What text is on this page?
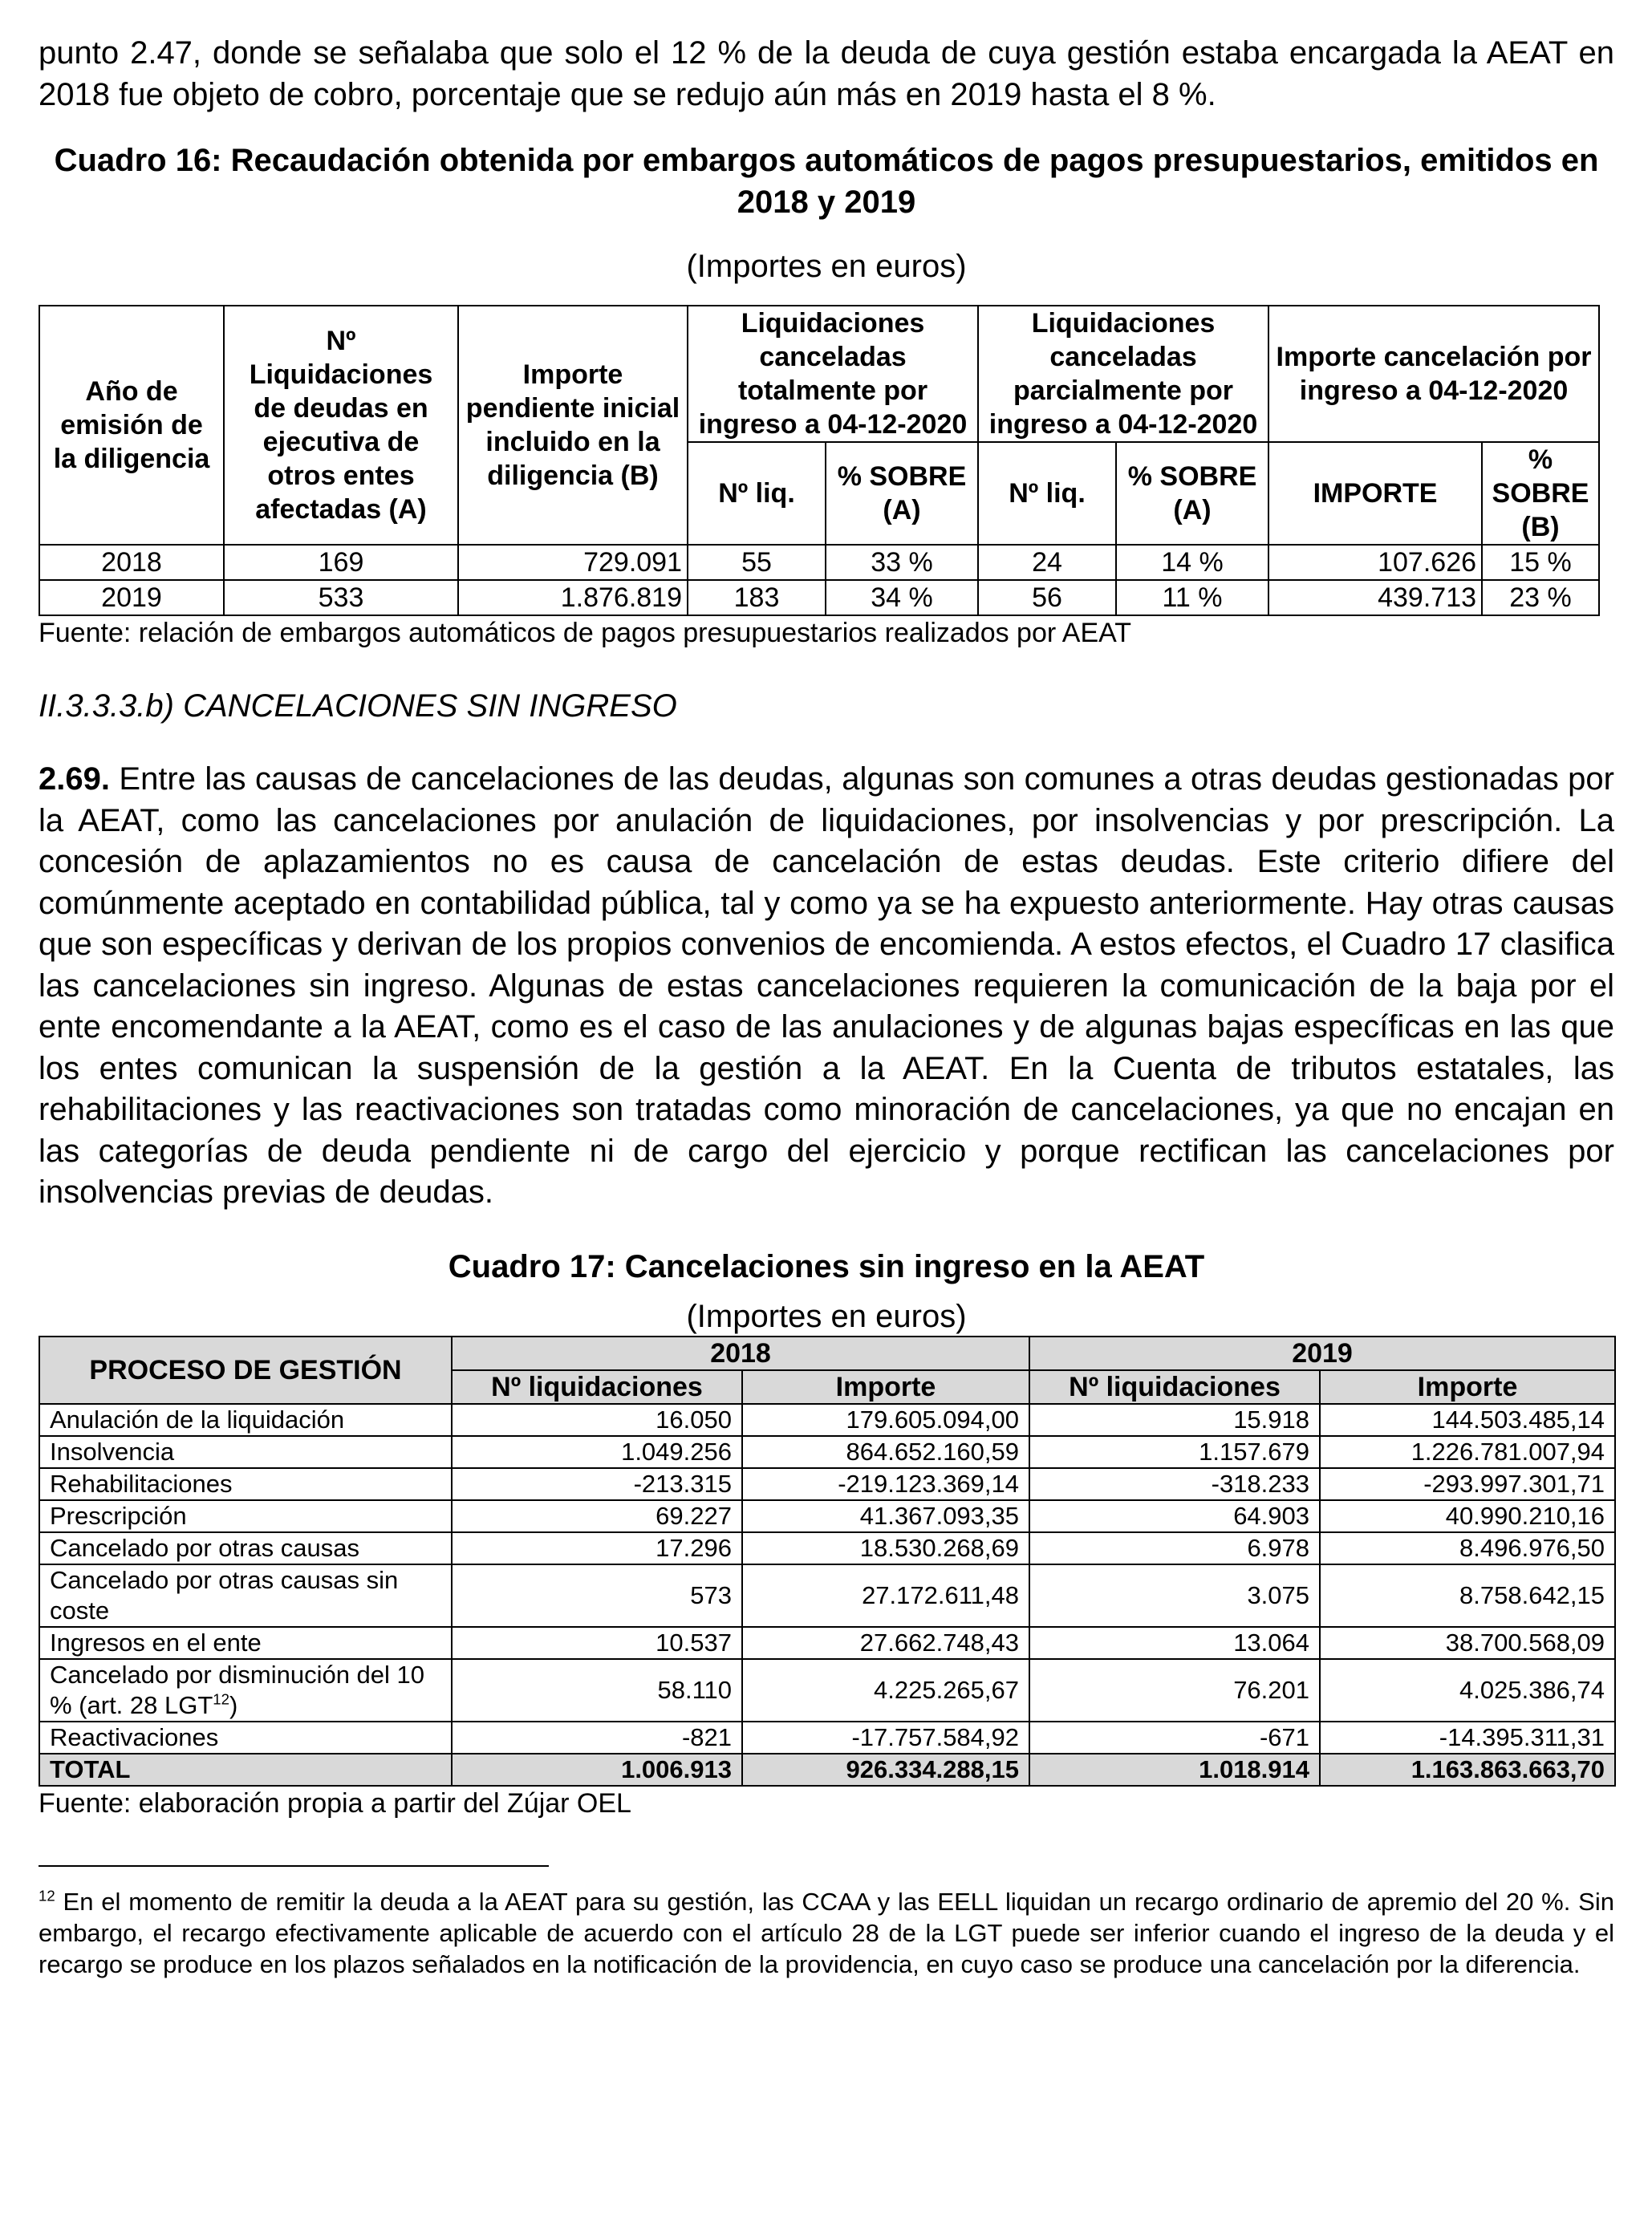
punto 2.47, donde se señalaba que solo el 12 % de la deuda de cuya gestión estaba encargada la AEAT en 2018 fue objeto de cobro, porcentaje que se redujo aún más en 2019 hasta el 8 %.

Cuadro 16: Recaudación obtenida por embargos automáticos de pagos presupuestarios, emitidos en 2018 y 2019

(Importes en euros)

Año de emisión de la diligencia	Nº Liquidaciones de deudas en ejecutiva de otros entes afectadas (A)	Importe pendiente inicial incluido en la diligencia (B)	Liquidaciones canceladas totalmente por ingreso a 04-12-2020		Liquidaciones canceladas parcialmente por ingreso a 04-12-2020		Importe cancelación por ingreso a 04-12-2020	
			Nº liq.	% SOBRE (A)	Nº liq.	% SOBRE (A)	IMPORTE	% SOBRE (B)
2018	169	729.091	55	33 %	24	14 %	107.626	15 %
2019	533	1.876.819	183	34 %	56	11 %	439.713	23 %

Fuente: relación de embargos automáticos de pagos presupuestarios realizados por AEAT

II.3.3.3.b) CANCELACIONES SIN INGRESO

2.69. Entre las causas de cancelaciones de las deudas, algunas son comunes a otras deudas gestionadas por la AEAT, como las cancelaciones por anulación de liquidaciones, por insolvencias y por prescripción. La concesión de aplazamientos no es causa de cancelación de estas deudas. Este criterio difiere del comúnmente aceptado en contabilidad pública, tal y como ya se ha expuesto anteriormente. Hay otras causas que son específicas y derivan de los propios convenios de encomienda. A estos efectos, el Cuadro 17 clasifica las cancelaciones sin ingreso. Algunas de estas cancelaciones requieren la comunicación de la baja por el ente encomendante a la AEAT, como es el caso de las anulaciones y de algunas bajas específicas en las que los entes comunican la suspensión de la gestión a la AEAT. En la Cuenta de tributos estatales, las rehabilitaciones y las reactivaciones son tratadas como minoración de cancelaciones, ya que no encajan en las categorías de deuda pendiente ni de cargo del ejercicio y porque rectifican las cancelaciones por insolvencias previas de deudas.

Cuadro 17: Cancelaciones sin ingreso en la AEAT

(Importes en euros)

PROCESO DE GESTIÓN	2018		2019	
	Nº liquidaciones	Importe	Nº liquidaciones	Importe
Anulación de la liquidación	16.050	179.605.094,00	15.918	144.503.485,14
Insolvencia	1.049.256	864.652.160,59	1.157.679	1.226.781.007,94
Rehabilitaciones	-213.315	-219.123.369,14	-318.233	-293.997.301,71
Prescripción	69.227	41.367.093,35	64.903	40.990.210,16
Cancelado por otras causas	17.296	18.530.268,69	6.978	8.496.976,50
Cancelado por otras causas sin coste	573	27.172.611,48	3.075	8.758.642,15
Ingresos en el ente	10.537	27.662.748,43	13.064	38.700.568,09
Cancelado por disminución del 10 % (art. 28 LGT$^{12}$)	58.110	4.225.265,67	76.201	4.025.386,74
Reactivaciones	-821	-17.757.584,92	-671	-14.395.311,31
TOTAL	1.006.913	926.334.288,15	1.018.914	1.163.863.663,70

Fuente: elaboración propia a partir del Zújar OEL

$^{12}$ En el momento de remitir la deuda a la AEAT para su gestión, las CCAA y las EELL liquidan un recargo ordinario de apremio del 20 %. Sin embargo, el recargo efectivamente aplicable de acuerdo con el artículo 28 de la LGT puede ser inferior cuando el ingreso de la deuda y el recargo se produce en los plazos señalados en la notificación de la providencia, en cuyo caso se produce una cancelación por la diferencia.
